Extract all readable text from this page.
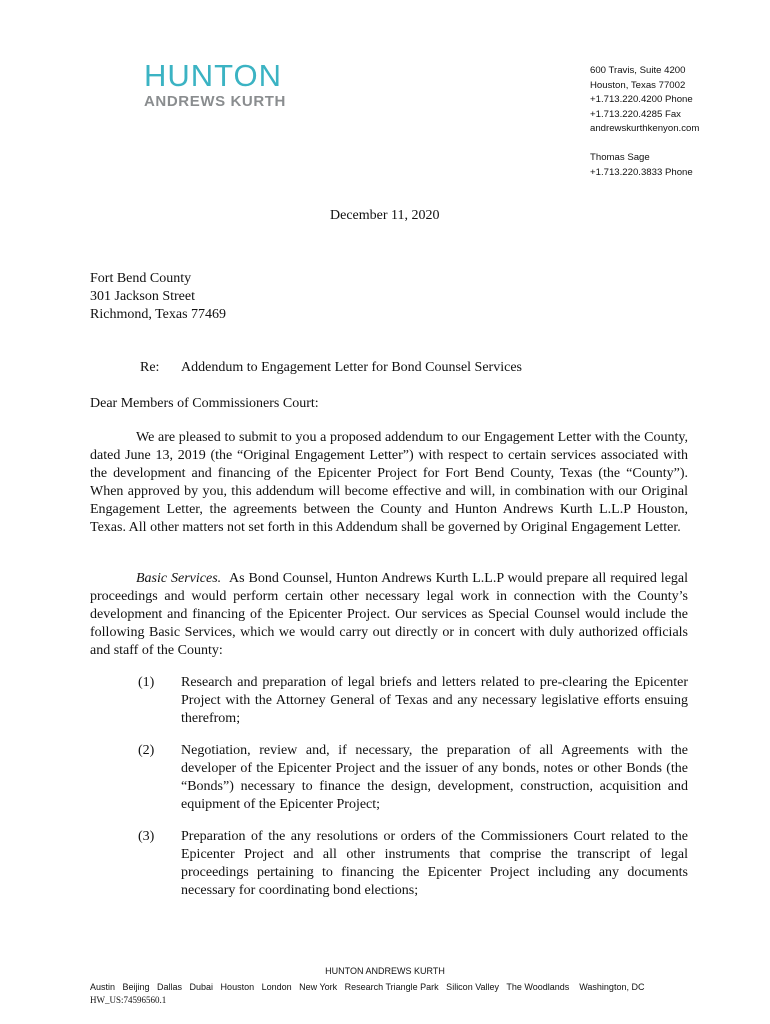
HUNTON
ANDREWS KURTH
600 Travis, Suite 4200
Houston, Texas 77002
+1.713.220.4200 Phone
+1.713.220.4285 Fax
andrewskurthkenyon.com
Thomas Sage
+1.713.220.3833 Phone
December 11, 2020
Fort Bend County
301 Jackson Street
Richmond, Texas 77469
Re: Addendum to Engagement Letter for Bond Counsel Services
Dear Members of Commissioners Court:

We are pleased to submit to you a proposed addendum to our Engagement Letter with the County, dated June 13, 2019 (the “Original Engagement Letter”) with respect to certain services associated with the development and financing of the Epicenter Project for Fort Bend County, Texas (the “County”). When approved by you, this addendum will become effective and will, in combination with our Original Engagement Letter, the agreements between the County and Hunton Andrews Kurth L.L.P Houston, Texas. All other matters not set forth in this Addendum shall be governed by Original Engagement Letter.

Basic Services. As Bond Counsel, Hunton Andrews Kurth L.L.P would prepare all required legal proceedings and would perform certain other necessary legal work in connection with the County’s development and financing of the Epicenter Project. Our services as Special Counsel would include the following Basic Services, which we would carry out directly or in concert with duly authorized officials and staff of the County:

(1) Research and preparation of legal briefs and letters related to pre-clearing the Epicenter Project with the Attorney General of Texas and any necessary legislative efforts ensuing therefrom;
(2) Negotiation, review and, if necessary, the preparation of all Agreements with the developer of the Epicenter Project and the issuer of any bonds, notes or other Bonds (the “Bonds”) necessary to finance the design, development, construction, acquisition and equipment of the Epicenter Project;
(3) Preparation of the any resolutions or orders of the Commissioners Court related to the Epicenter Project and all other instruments that comprise the transcript of legal proceedings pertaining to financing the Epicenter Project including any documents necessary for coordinating bond elections;
HUNTON ANDREWS KURTH
Austin   Beijing   Dallas   Dubai   Houston   London   New York   Research Triangle Park   Silicon Valley   The Woodlands    Washington, DC
HW_US:74596560.1
